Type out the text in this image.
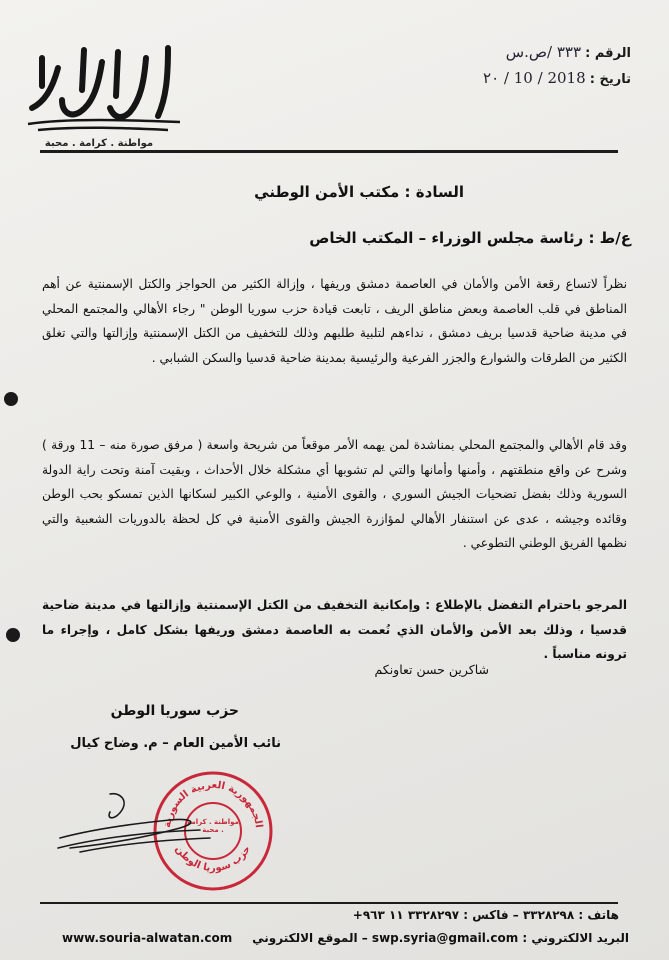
حزب سوريا الوطن
مواطنة . كرامة . محبة
الرقم : ٣٣٣ /ص.س
تاريخ : 2018 / 10 / ٢٠
السادة : مكتب الأمن الوطني
ع/ط : رئاسة مجلس الوزراء – المكتب الخاص
نظراً لاتساع رقعة الأمن والأمان في العاصمة دمشق وريفها ، وإزالة الكثير من الحواجز والكتل الإسمنتية عن أهم المناطق في قلب العاصمة وبعض مناطق الريف ، تابعت قيادة حزب سوريا الوطن " رجاء الأهالي والمجتمع المحلي في مدينة ضاحية قدسيا بريف دمشق ، نداءهم لتلبية طلبهم وذلك للتخفيف من الكتل الإسمنتية وإزالتها والتي تغلق الكثير من الطرقات والشوارع والجزر الفرعية والرئيسية بمدينة ضاحية قدسيا والسكن الشبابي .
وقد قام الأهالي والمجتمع المحلي بمناشدة لمن يهمه الأمر موقعاً من شريحة واسعة ( مرفق صورة منه – 11 ورقة ) وشرح عن واقع منطقتهم ، وأمنها وأمانها والتي لم تشوبها أي مشكلة خلال الأحداث ، وبقيت آمنة وتحت راية الدولة السورية وذلك بفضل تضحيات الجيش السوري ، والقوى الأمنية ، والوعي الكبير لسكانها الذين تمسكو بحب الوطن وقائده وجيشه ، عدى عن استنفار الأهالي لمؤازرة الجيش والقوى الأمنية في كل لحظة بالدوريات الشعبية والتي نظمها الفريق الوطني التطوعي .
المرجو باحترام التفضل بالإطلاع : وإمكانية التخفيف من الكتل الإسمنتية وإزالتها في مدينة ضاحية قدسيا ، وذلك بعد الأمن والأمان الذي نُعمت به العاصمة دمشق وريفها بشكل كامل ، وإجراء ما ترونه مناسباً .
شاكرين حسن تعاونكم
حزب سوريا الوطن
نائب الأمين العام – م. وضاح كيال
الجمهورية العربية السورية
حزب سوريا الوطن
مواطنة . كرامة . محبة
هاتف : ٣٣٢٨٢٩٨ – فاكس : ٣٣٢٨٢٩٧ ١١ ٩٦٣+
البريد الالكتروني : swp.syria@gmail.com – الموقع الالكتروني
www.souria-alwatan.com
